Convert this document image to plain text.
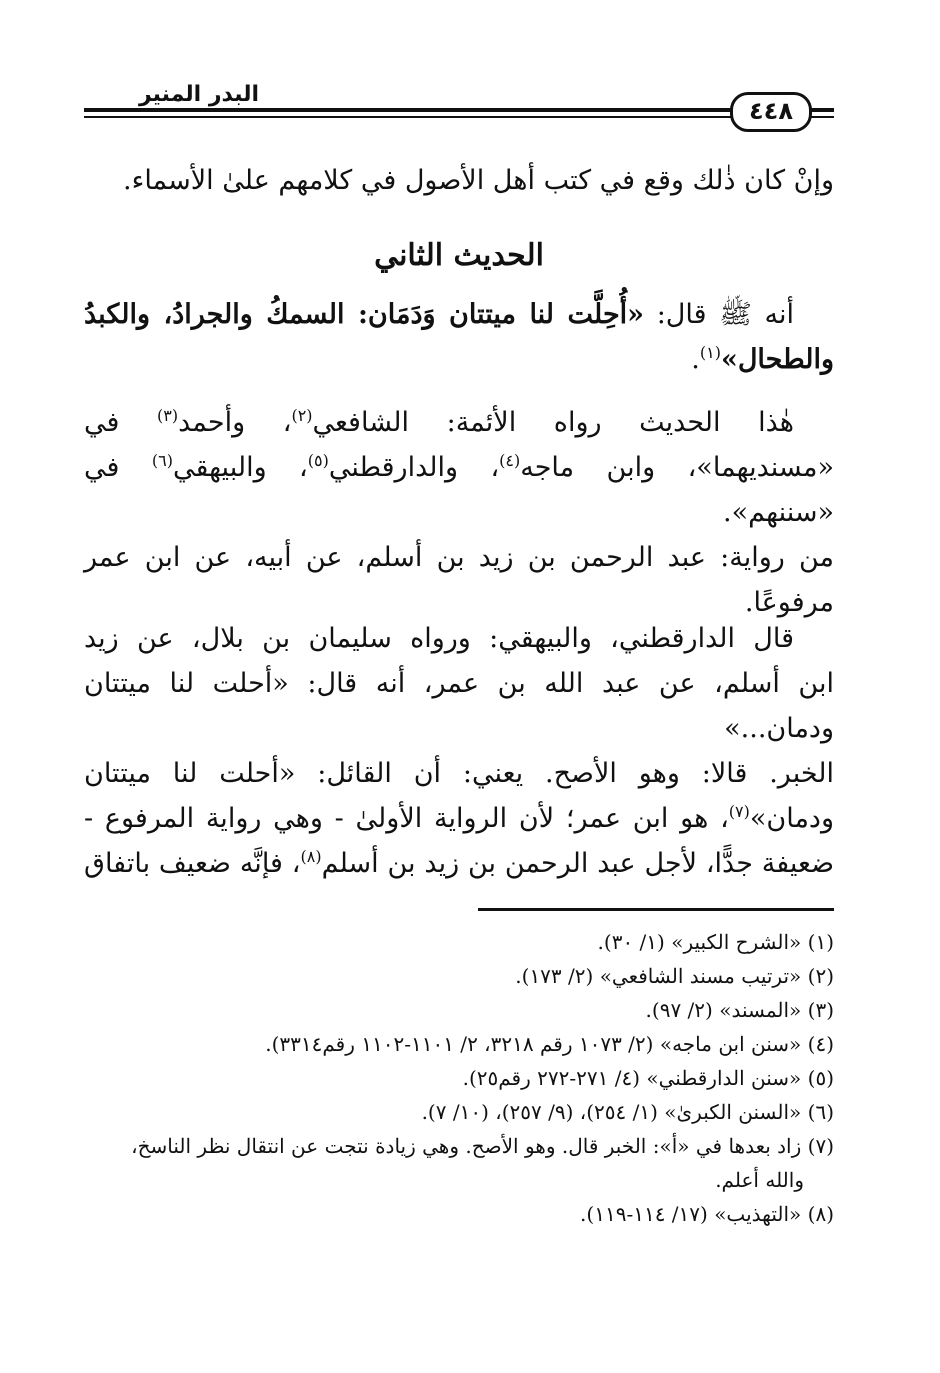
٤٤٨
البدر المنير
وإنْ كان ذٰلك وقع في كتب أهل الأصول في كلامهم علىٰ الأسماء.
الحديث الثاني
أنه ﷺ قال: «أُحِلَّت لنا ميتتان وَدَمَان: السمكُ والجرادُ، والكبدُ
والطحال»$^{(١)}$.
هٰذا الحديث رواه الأئمة: الشافعي$^{(٢)}$، وأحمد$^{(٣)}$ في
«مسنديهما»، وابن ماجه$^{(٤)}$، والدارقطني$^{(٥)}$، والبيهقي$^{(٦)}$ في «سننهم».
من رواية: عبد الرحمن بن زيد بن أسلم، عن أبيه، عن ابن عمر
مرفوعًا.
قال الدارقطني، والبيهقي: ورواه سليمان بن بلال، عن زيد
ابن أسلم، عن عبد الله بن عمر، أنه قال: «أحلت لنا ميتتان ودمان...»
الخبر. قالا: وهو الأصح. يعني: أن القائل: «أحلت لنا ميتتان
ودمان»$^{(٧)}$، هو ابن عمر؛ لأن الرواية الأولىٰ - وهي رواية المرفوع -
ضعيفة جدًّا، لأجل عبد الرحمن بن زيد بن أسلم$^{(٨)}$، فإنَّه ضعيف باتفاق
(١) «الشرح الكبير» (١/ ٣٠).
(٢) «ترتيب مسند الشافعي» (٢/ ١٧٣).
(٣) «المسند» (٢/ ٩٧).
(٤) «سنن ابن ماجه» (٢/ ١٠٧٣ رقم ٣٢١٨، ٢/ ١١٠١-١١٠٢ رقم٣٣١٤).
(٥) «سنن الدارقطني» (٤/ ٢٧١-٢٧٢ رقم٢٥).
(٦) «السنن الكبرىٰ» (١/ ٢٥٤)، (٩/ ٢٥٧)، (١٠/ ٧).
(٧) زاد بعدها في «أ»: الخبر قال. وهو الأصح. وهي زيادة نتجت عن انتقال نظر الناسخ،
والله أعلم.
(٨) «التهذيب» (١٧/ ١١٤-١١٩).
